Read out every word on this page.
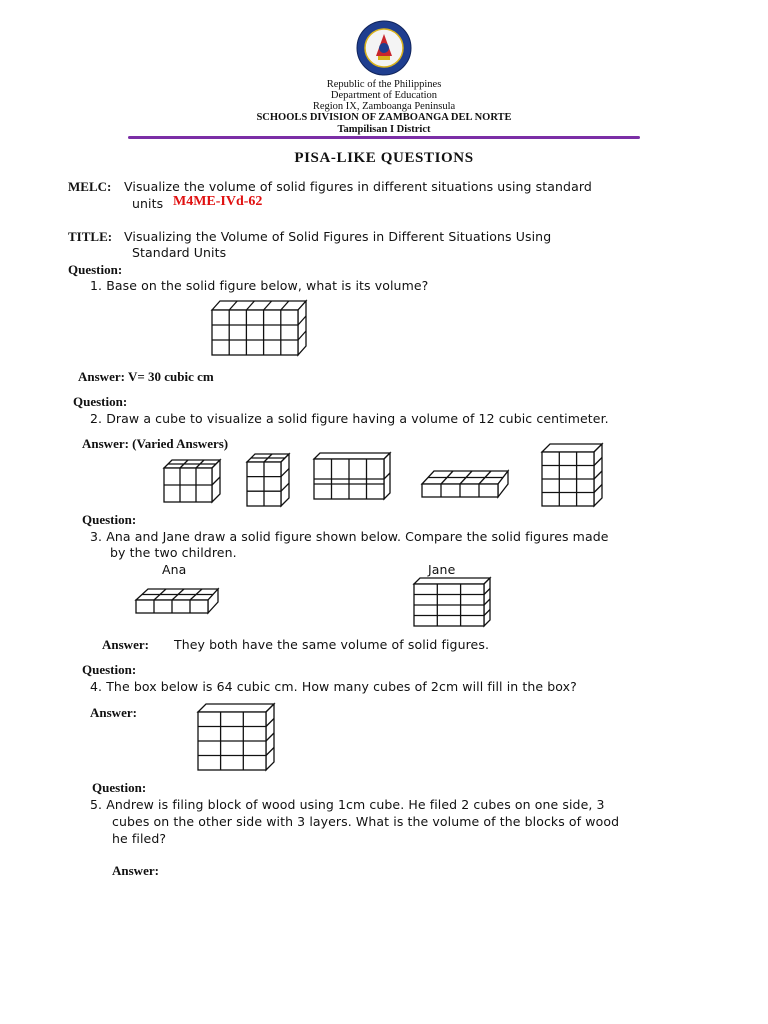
Republic of the Philippines
Department of Education
Region IX, Zamboanga Peninsula
SCHOOLS DIVISION OF ZAMBOANGA DEL NORTE
Tampilisan I District
PISA-LIKE QUESTIONS
MELC: Visualize the volume of solid figures in different situations using standard
units M4ME-IVd-62
TITLE: Visualizing the Volume of Solid Figures in Different Situations Using
Standard Units
Question:
1. Base on the solid figure below, what is its volume?
Answer: V= 30 cubic cm
Question:
2. Draw a cube to visualize a solid figure having a volume of 12 cubic centimeter.
Answer: (Varied Answers)
Question:
3. Ana and Jane draw a solid figure shown below. Compare the solid figures made
by the two children.
Ana	Jane
Answer: They both have the same volume of solid figures.
Question:
4. The box below is 64 cubic cm. How many cubes of 2cm will fill in the box?
Answer:
Question:
5. Andrew is filing block of wood using 1cm cube. He filed 2 cubes on one side, 3
cubes on the other side with 3 layers. What is the volume of the blocks of wood
he filed?
Answer:
